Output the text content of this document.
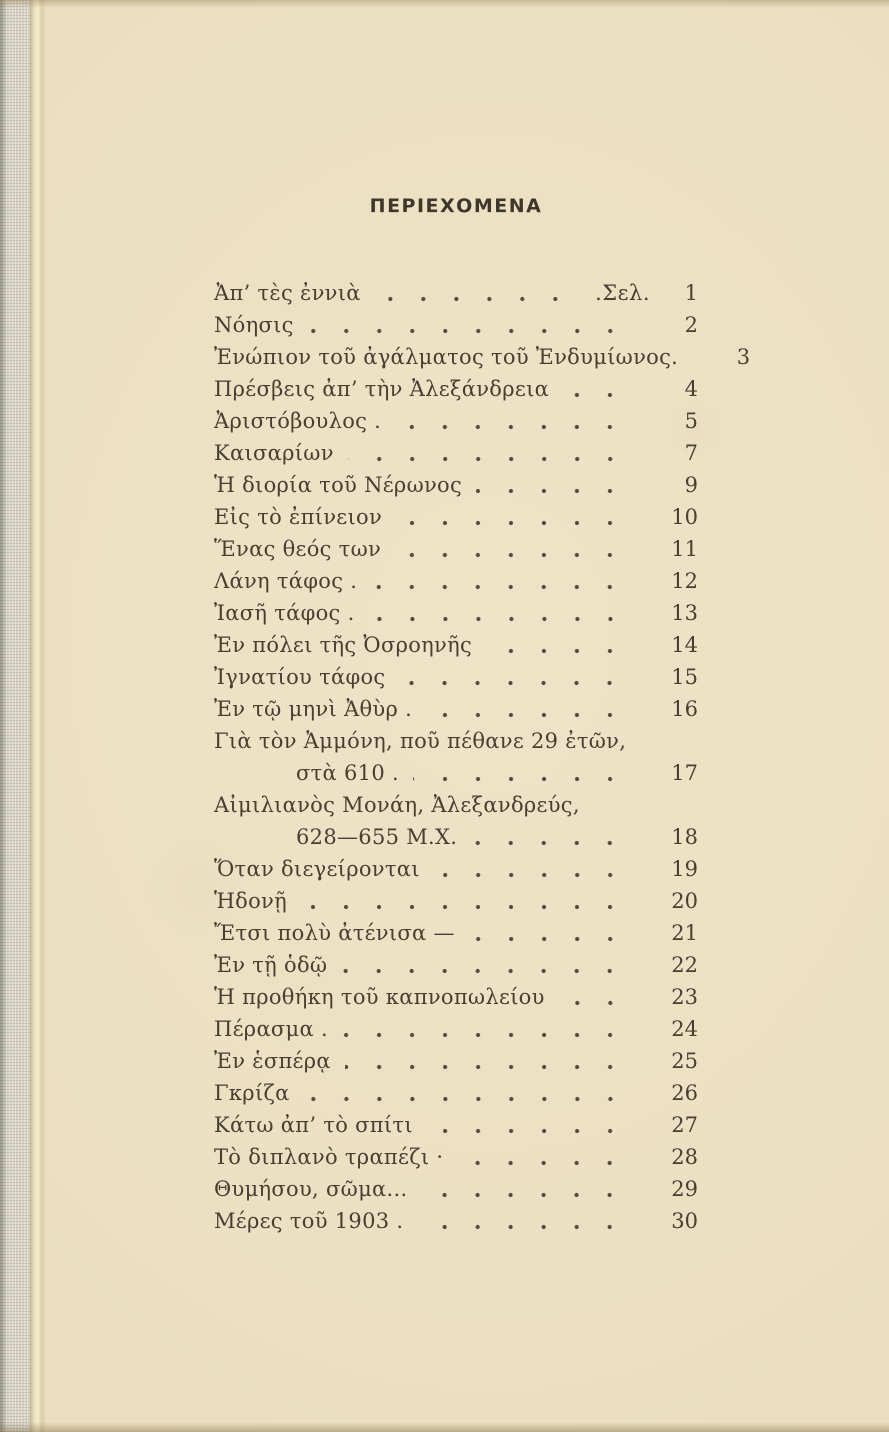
ΠΕΡΙΕΧΟΜΕΝΑ
Ἀπ’ τὲς ἐννιὰ	.Σελ.	1
Νόησις	2
Ἐνώπιον τοῦ ἀγάλματος τοῦ Ἐνδυμίωνος.	3
Πρέσβεις ἀπ’ τὴν Ἀλεξάνδρεια	4
Ἀριστόβουλος .	5
Καισαρίων	7
Ἡ διορία τοῦ Νέρωνος	9
Εἰς τὸ ἐπίνειον	10
Ἕνας θεός των	11
Λάνη τάφος .	12
Ἰασῆ τάφος .	13
Ἐν πόλει τῆς Ὀσροηνῆς	14
Ἰγνατίου τάφος	15
Ἐν τῷ μηνὶ Ἀθὺρ .	16
Γιὰ τὸν Ἀμμόνη, ποῦ πέθανε 29 ἐτῶν,
στὰ 610 .	17
Αἰμιλιανὸς Μονάη, Ἀλεξανδρεύς,
628—655 Μ.Χ.	18
Ὅταν διεγείρονται	19
Ἡδονῇ	20
Ἔτσι πολὺ ἀτένισα —	21
Ἐν τῇ ὁδῷ	22
Ἡ προθήκη τοῦ καπνοπωλείου	23
Πέρασμα .	24
Ἐν ἑσπέρᾳ	25
Γκρίζα	26
Κάτω ἀπ’ τὸ σπίτι	27
Τὸ διπλανὸ τραπέζι ·	28
Θυμήσου, σῶμα...	29
Μέρες τοῦ 1903 .	30
